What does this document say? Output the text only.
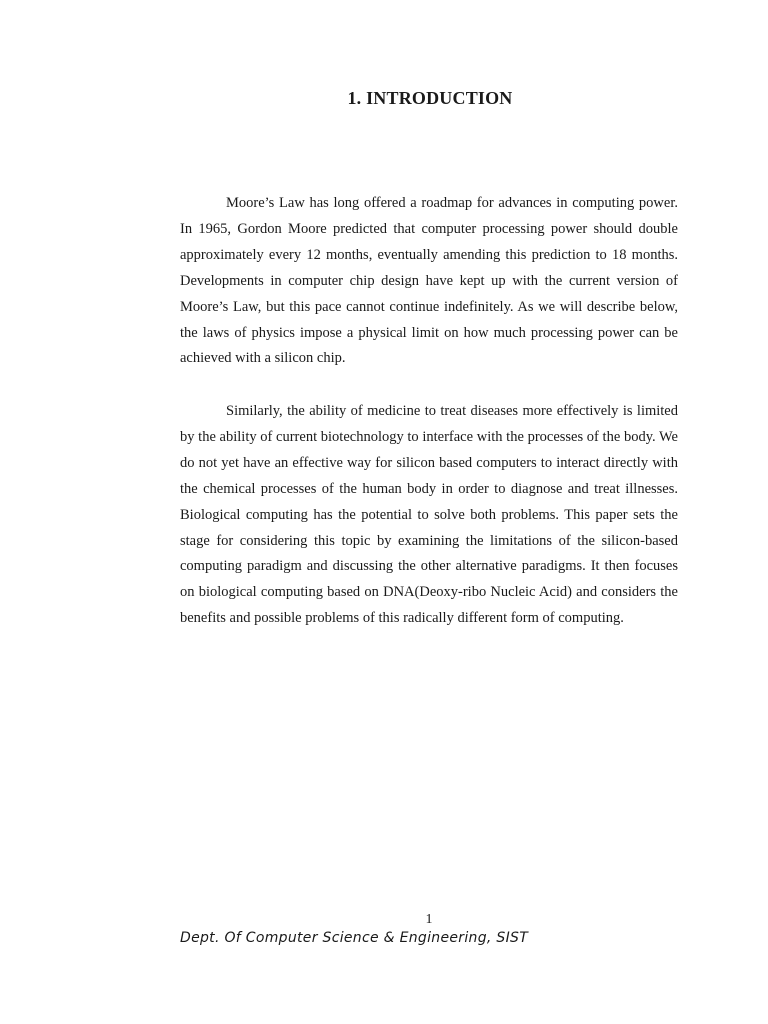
1. INTRODUCTION

Moore’s Law has long offered a roadmap for advances in computing power. In 1965, Gordon Moore predicted that computer processing power should double approximately every 12 months, eventually amending this prediction to 18 months. Developments in computer chip design have kept up with the current version of Moore’s Law, but this pace cannot continue indefinitely. As we will describe below, the laws of physics impose a physical limit on how much processing power can be achieved with a silicon chip.

Similarly, the ability of medicine to treat diseases more effectively is limited by the ability of current biotechnology to interface with the processes of the body. We do not yet have an effective way for silicon based computers to interact directly with the chemical processes of the human body in order to diagnose and treat illnesses. Biological computing has the potential to solve both problems. This paper sets the stage for considering this topic by examining the limitations of the silicon-based computing paradigm and discussing the other alternative paradigms. It then focuses on biological computing based on DNA(Deoxy-ribo Nucleic Acid) and considers the benefits and possible problems of this radically different form of computing.

1
Dept. Of Computer Science & Engineering, SIST
